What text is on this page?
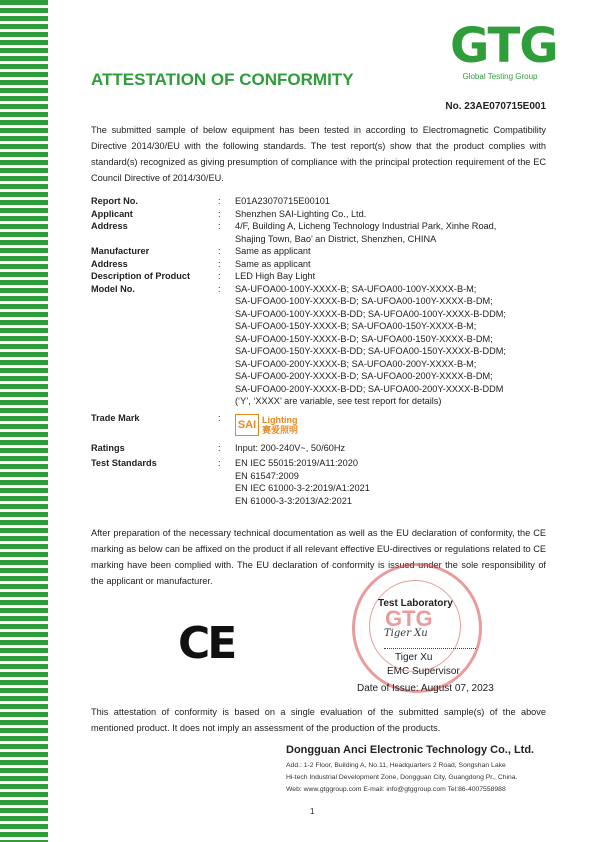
GTG
Global Testing Group
ATTESTATION OF CONFORMITY
No. 23AE070715E001
The submitted sample of below equipment has been tested in according to Electromagnetic Compatibility Directive 2014/30/EU with the following standards. The test report(s) show that the product complies with standard(s) recognized as giving presumption of compliance with the principal protection requirement of the EC Council Directive of 2014/30/EU.
Report No.	:	E01A23070715E00101
Applicant	:	Shenzhen SAI-Lighting Co., Ltd.
Address	:	4/F, Building A, Licheng Technology Industrial Park, Xinhe Road,
Shajing Town, Bao’ an District, Shenzhen, CHINA
Manufacturer	:	Same as applicant
Address	:	Same as applicant
Description of Product	:	LED High Bay Light
Model No.	:	SA-UFOA00-100Y-XXXX-B; SA-UFOA00-100Y-XXXX-B-M;
SA-UFOA00-100Y-XXXX-B-D; SA-UFOA00-100Y-XXXX-B-DM;
SA-UFOA00-100Y-XXXX-B-DD; SA-UFOA00-100Y-XXXX-B-DDM;
SA-UFOA00-150Y-XXXX-B; SA-UFOA00-150Y-XXXX-B-M;
SA-UFOA00-150Y-XXXX-B-D; SA-UFOA00-150Y-XXXX-B-DM;
SA-UFOA00-150Y-XXXX-B-DD; SA-UFOA00-150Y-XXXX-B-DDM;
SA-UFOA00-200Y-XXXX-B; SA-UFOA00-200Y-XXXX-B-M;
SA-UFOA00-200Y-XXXX-B-D; SA-UFOA00-200Y-XXXX-B-DM;
SA-UFOA00-200Y-XXXX-B-DD; SA-UFOA00-200Y-XXXX-B-DDM
(‘Y’, ‘XXXX’ are variable, see test report for details)
Trade Mark	:
SAI Lighting
赛爱照明
Ratings	:	Input: 200-240V~, 50/60Hz
Test Standards	:	EN IEC 55015:2019/A11:2020
EN 61547:2009
EN IEC 61000-3-2:2019/A1:2021
EN 61000-3-3:2013/A2:2021
After preparation of the necessary technical documentation as well as the EU declaration of conformity, the CE marking as below can be affixed on the product if all relevant effective EU-directives or regulations related to CE marking have been complied with. The EU declaration of conformity is issued under the sole responsibility of the applicant or manufacturer.
CE	GTG
Test Laboratory
Tiger Xu
Tiger Xu
EMC Supervisor
Date of Issue: August 07, 2023
This attestation of conformity is based on a single evaluation of the submitted sample(s) of the above mentioned product. It does not imply an assessment of the production of the products.
Dongguan Anci Electronic Technology Co., Ltd.
Add.: 1-2 Floor, Building A, No.11, Headquarters 2 Road, Songshan Lake
Hi-tech Industrial Development Zone, Dongguan City, Guangdong Pr., China.
Web: www.gtggroup.com E-mail: info@gtggroup.com Tel:86-4007558988
1
